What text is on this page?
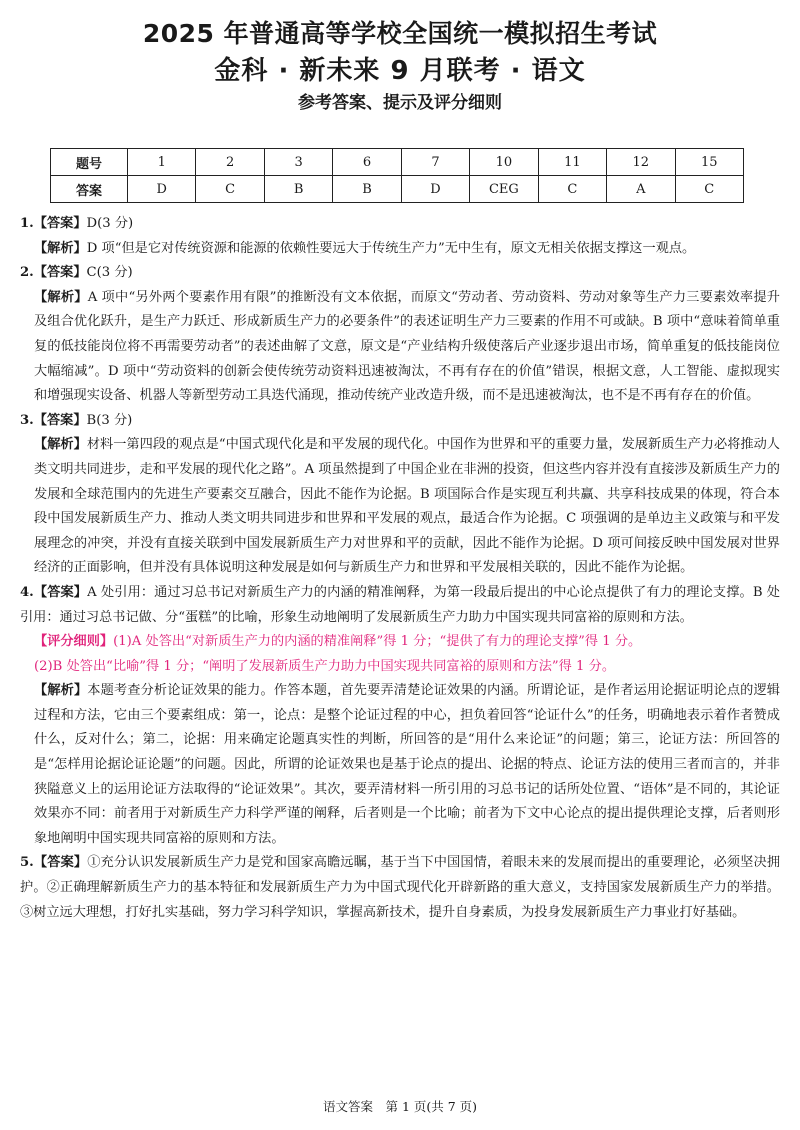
2025 年普通高等学校全国统一模拟招生考试
金科 · 新未来 9 月联考 · 语文
参考答案、提示及评分细则
题号	1	2	3	6	7	10	11	12	15
答案	D	C	B	B	D	CEG	C	A	C

1.【答案】D(3 分)

【解析】D 项“但是它对传统资源和能源的依赖性要远大于传统生产力”无中生有，原文无相关依据支撑这一观点。

2.【答案】C(3 分)

【解析】A 项中“另外两个要素作用有限”的推断没有文本依据，而原文“劳动者、劳动资料、劳动对象等生产力三要素效率提升及组合优化跃升，是生产力跃迁、形成新质生产力的必要条件”的表述证明生产力三要素的作用不可或缺。B 项中“意味着简单重复的低技能岗位将不再需要劳动者”的表述曲解了文意，原文是“产业结构升级使落后产业逐步退出市场，简单重复的低技能岗位大幅缩减”。D 项中“劳动资料的创新会使传统劳动资料迅速被淘汰，不再有存在的价值”错误，根据文意，人工智能、虚拟现实和增强现实设备、机器人等新型劳动工具迭代涌现，推动传统产业改造升级，而不是迅速被淘汰，也不是不再有存在的价值。

3.【答案】B(3 分)

【解析】材料一第四段的观点是“中国式现代化是和平发展的现代化。中国作为世界和平的重要力量，发展新质生产力必将推动人类文明共同进步，走和平发展的现代化之路”。A 项虽然提到了中国企业在非洲的投资，但这些内容并没有直接涉及新质生产力的发展和全球范围内的先进生产要素交互融合，因此不能作为论据。B 项国际合作是实现互利共赢、共享科技成果的体现，符合本段中国发展新质生产力、推动人类文明共同进步和世界和平发展的观点，最适合作为论据。C 项强调的是单边主义政策与和平发展理念的冲突，并没有直接关联到中国发展新质生产力对世界和平的贡献，因此不能作为论据。D 项可间接反映中国发展对世界经济的正面影响，但并没有具体说明这种发展是如何与新质生产力和世界和平发展相关联的，因此不能作为论据。

4.【答案】A 处引用：通过习总书记对新质生产力的内涵的精准阐释，为第一段最后提出的中心论点提供了有力的理论支撑。B 处引用：通过习总书记做、分“蛋糕”的比喻，形象生动地阐明了发展新质生产力助力中国实现共同富裕的原则和方法。

【评分细则】(1)A 处答出“对新质生产力的内涵的精准阐释”得 1 分；“提供了有力的理论支撑”得 1 分。

(2)B 处答出“比喻”得 1 分；“阐明了发展新质生产力助力中国实现共同富裕的原则和方法”得 1 分。

【解析】本题考查分析论证效果的能力。作答本题，首先要弄清楚论证效果的内涵。所谓论证，是作者运用论据证明论点的逻辑过程和方法，它由三个要素组成：第一，论点：是整个论证过程的中心，担负着回答“论证什么”的任务，明确地表示着作者赞成什么，反对什么；第二，论据：用来确定论题真实性的判断，所回答的是“用什么来论证”的问题；第三，论证方法：所回答的是“怎样用论据论证论题”的问题。因此，所谓的论证效果也是基于论点的提出、论据的特点、论证方法的使用三者而言的，并非狭隘意义上的运用论证方法取得的“论证效果”。其次，要弄清材料一所引用的习总书记的话所处位置、“语体”是不同的，其论证效果亦不同：前者用于对新质生产力科学严谨的阐释，后者则是一个比喻；前者为下文中心论点的提出提供理论支撑，后者则形象地阐明中国实现共同富裕的原则和方法。

5.【答案】①充分认识发展新质生产力是党和国家高瞻远瞩，基于当下中国国情，着眼未来的发展而提出的重要理论，必须坚决拥护。②正确理解新质生产力的基本特征和发展新质生产力为中国式现代化开辟新路的重大意义，支持国家发展新质生产力的举措。③树立远大理想，打好扎实基础，努力学习科学知识，掌握高新技术，提升自身素质，为投身发展新质生产力事业打好基础。

语文答案　第 1 页(共 7 页)
